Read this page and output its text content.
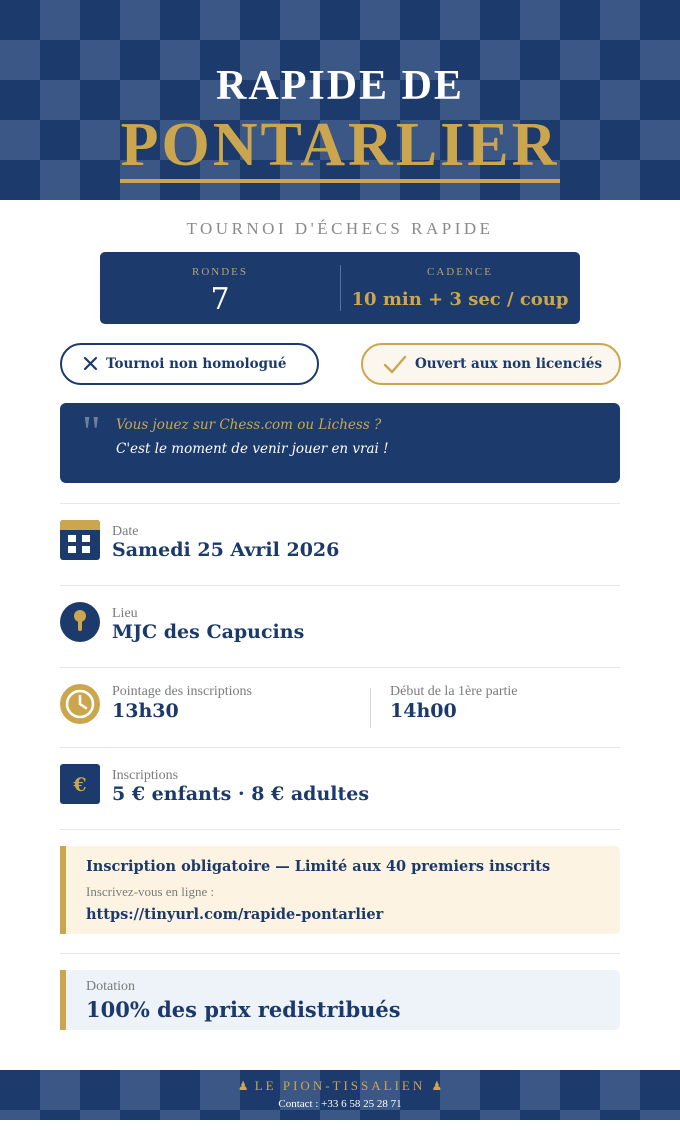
RAPIDE DE
PONTARLIER
TOURNOI D'ÉCHECS RAPIDE
RONDES
7
CADENCE
10 min + 3 sec / coup
Tournoi non homologué	Ouvert aux non licenciés
" Vous jouez sur Chess.com ou Lichess ?
C'est le moment de venir jouer en vrai !
Date
Samedi 25 Avril 2026
Lieu
MJC des Capucins
Pointage des inscriptions
13h30
Début de la 1ère partie
14h00
€ Inscriptions
5 € enfants · 8 € adultes
Inscription obligatoire — Limité aux 40 premiers inscrits
Inscrivez-vous en ligne :
https://tinyurl.com/rapide-pontarlier
Dotation
100% des prix redistribués
♟ LE PION-TISSALIEN ♟
Contact : +33 6 58 25 28 71
